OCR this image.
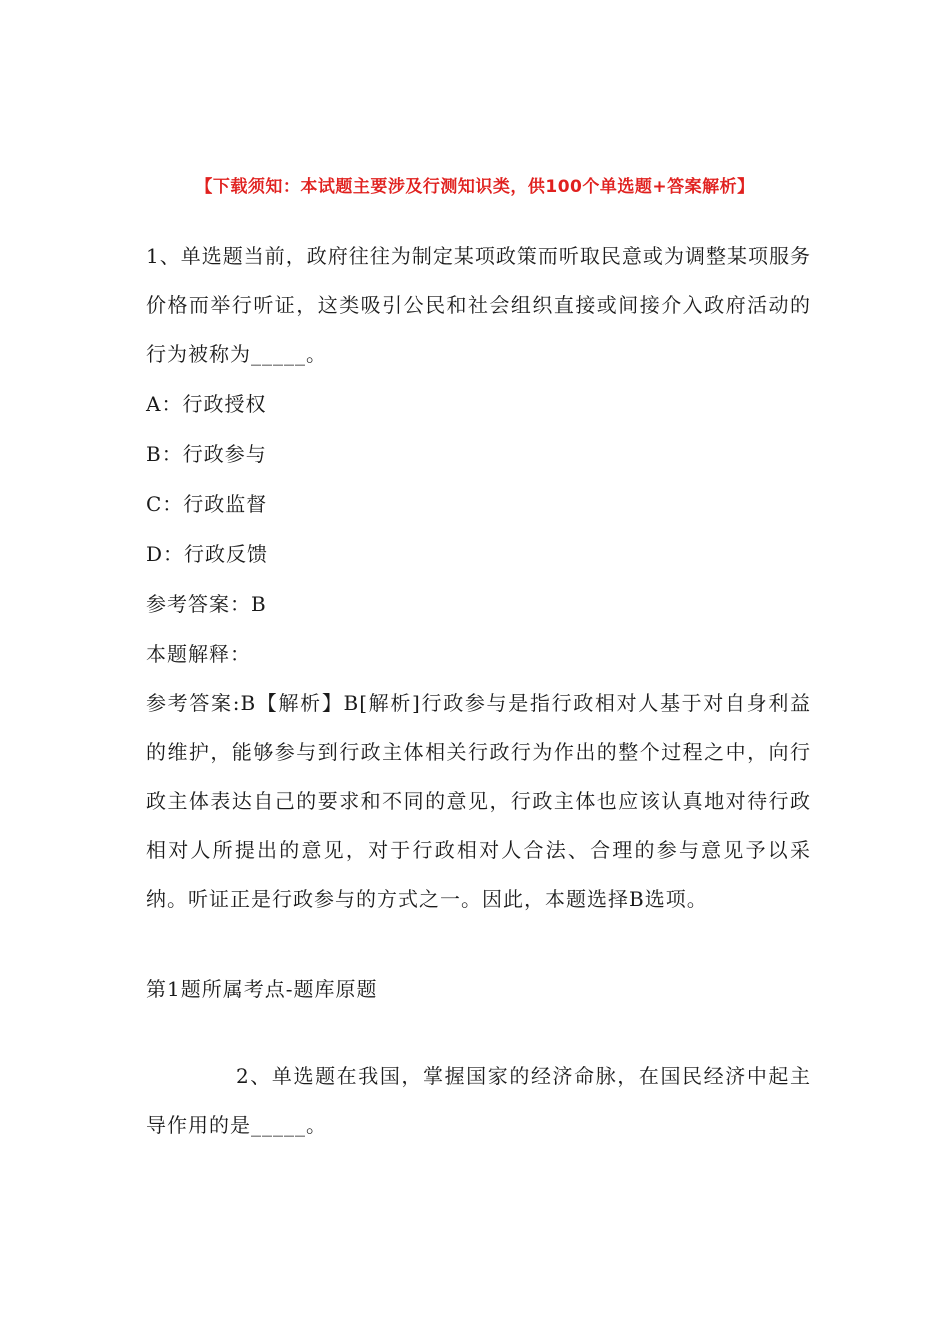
【下载须知：本试题主要涉及行测知识类，供100个单选题+答案解析】

1、单选题当前，政府往往为制定某项政策而听取民意或为调整某项服务价格而举行听证，这类吸引公民和社会组织直接或间接介入政府活动的行为被称为_____。

A：行政授权

B：行政参与

C：行政监督

D：行政反馈

参考答案：B

本题解释：

参考答案:B【解析】B[解析]行政参与是指行政相对人基于对自身利益的维护，能够参与到行政主体相关行政行为作出的整个过程之中，向行政主体表达自己的要求和不同的意见，行政主体也应该认真地对待行政相对人所提出的意见，对于行政相对人合法、合理的参与意见予以采纳。听证正是行政参与的方式之一。因此，本题选择B选项。

第1题所属考点-题库原题

2、单选题在我国，掌握国家的经济命脉，在国民经济中起主导作用的是_____。
